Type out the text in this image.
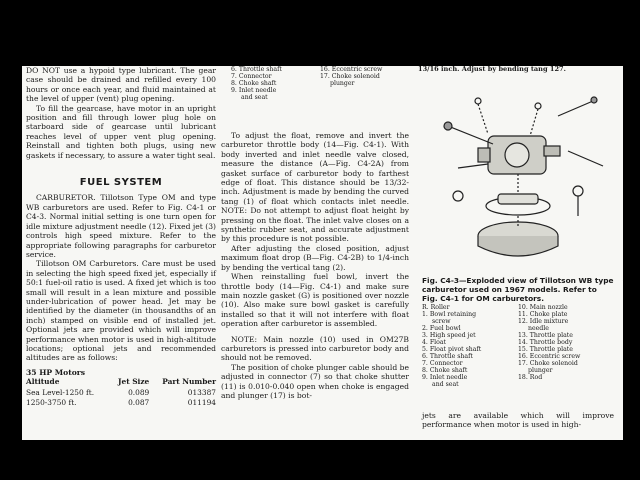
DO NOT use a hypoid type lubricant. The gear case should be drained and refilled every 100 hours or once each year, and fluid maintained at the level of upper (vent) plug opening.

To fill the gearcase, have motor in an upright position and fill through lower plug hole on starboard side of gearcase until lubricant reaches level of upper vent plug opening. Reinstall and tighten both plugs, using new gaskets if necessary, to assure a water tight seal.

FUEL SYSTEM

CARBURETOR. Tillotson Type OM and type WB carburetors are used. Refer to Fig. C4-1 or C4-3. Normal initial setting is one turn open for idle mixture adjustment needle (12). Fixed jet (3) controls high speed mixture. Refer to the appropriate following paragraphs for carburetor service.

Tillotson OM Carburetors. Care must be used in selecting the high speed fixed jet, especially if 50:1 fuel-oil ratio is used. A fixed jet which is too small will result in a lean mixture and possible under-lubrication of power head. Jet may be identified by the diameter (in thousandths of an inch) stamped on visible end of installed jet. Optional jets are provided which will improve performance when motor is used in high-altitude locations; optional jets and recommended altitudes are as follows:

35 HP Motors

Altitude	Jet Size	Part Number
Sea Level-1250 ft.	0.089	013387
1250-3750 ft.	0.087	011194
6. Throttle shaft
7. Connector
8. Choke shaft
9. Inlet needle
and seat
16. Eccentric screw
17. Choke solenoid
plunger

To adjust the float, remove and invert the carburetor throttle body (14—Fig. C4-1). With body inverted and inlet needle valve closed, measure the distance (A—Fig. C4-2A) from gasket surface of carburetor body to farthest edge of float. This distance should be 13/32-inch. Adjustment is made by bending the curved tang (1) of float which contacts inlet needle. NOTE: Do not attempt to adjust float height by pressing on the float. The inlet valve closes on a synthetic rubber seat, and accurate adjustment by this procedure is not possible.

After adjusting the closed position, adjust maximum float drop (B—Fig. C4-2B) to 1/4-inch by bending the vertical tang (2).

When reinstalling fuel bowl, invert the throttle body (14—Fig. C4-1) and make sure main nozzle gasket (G) is positioned over nozzle (10). Also make sure bowl gasket is carefully installed so that it will not interfere with float operation after carburetor is assembled.

NOTE: Main nozzle (10) used in OM27B carburetors is pressed into carburetor body and should not be removed.

The position of choke plunger cable should be adjusted in connector (7) so that choke shutter (11) is 0.010-0.040 open when choke is engaged and plunger (17) is bot-

13/16 inch. Adjust by bending tang 127.

Fig. C4-3—Exploded view of Tillotson WB type carburetor used on 1967 models. Refer to Fig. C4-1 for OM carburetors.
R. Roller
1. Bowl retaining
screw
2. Fuel bowl
3. High speed jet
4. Float
5. Float pivot shaft
6. Throttle shaft
7. Connector
8. Choke shaft
9. Inlet needle
and seat
10. Main nozzle
11. Choke plate
12. Idle mixture
needle
13. Throttle plate
14. Throttle body
15. Throttle plate
16. Eccentric screw
17. Choke solenoid
plunger
18. Rod

jets are available which will improve performance when motor is used in high-
